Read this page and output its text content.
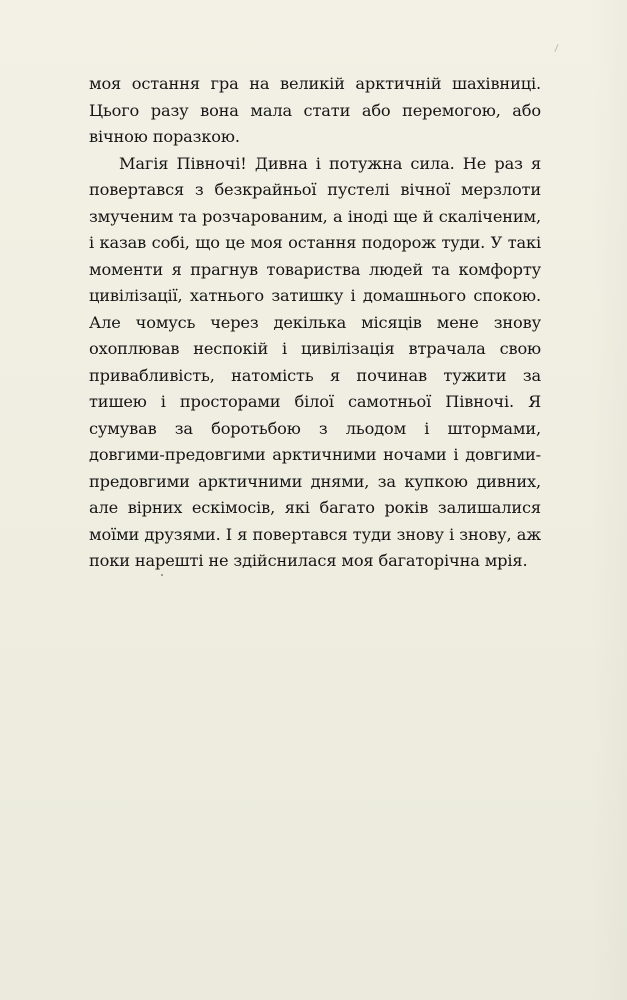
моя остання гра на великій арктичній шахівниці. Цього разу вона мала стати або перемогою, або вічною поразкою.

Магія Півночі! Дивна і потужна сила. Не раз я повертався з безкрайньої пустелі вічної мерзлоти змученим та розчарованим, а іноді ще й скаліченим, і казав собі, що це моя остання подорож туди. У такі моменти я прагнув товариства людей та комфорту цивілізації, хатнього затишку і домашнього спокою. Але чомусь через декілька місяців мене знову охоплював неспокій і цивілізація втрачала свою привабливість, натомість я починав тужити за тишею і просторами білої самотньої Півночі. Я сумував за боротьбою з льодом і штормами, довгими-предовгими арктичними ночами і довгими-предовгими арктичними днями, за купкою дивних, але вірних ескімосів, які багато років залишалися моїми друзями. І я повертався туди знову і знову, аж поки нарешті не здійснилася моя багаторічна мрія.
